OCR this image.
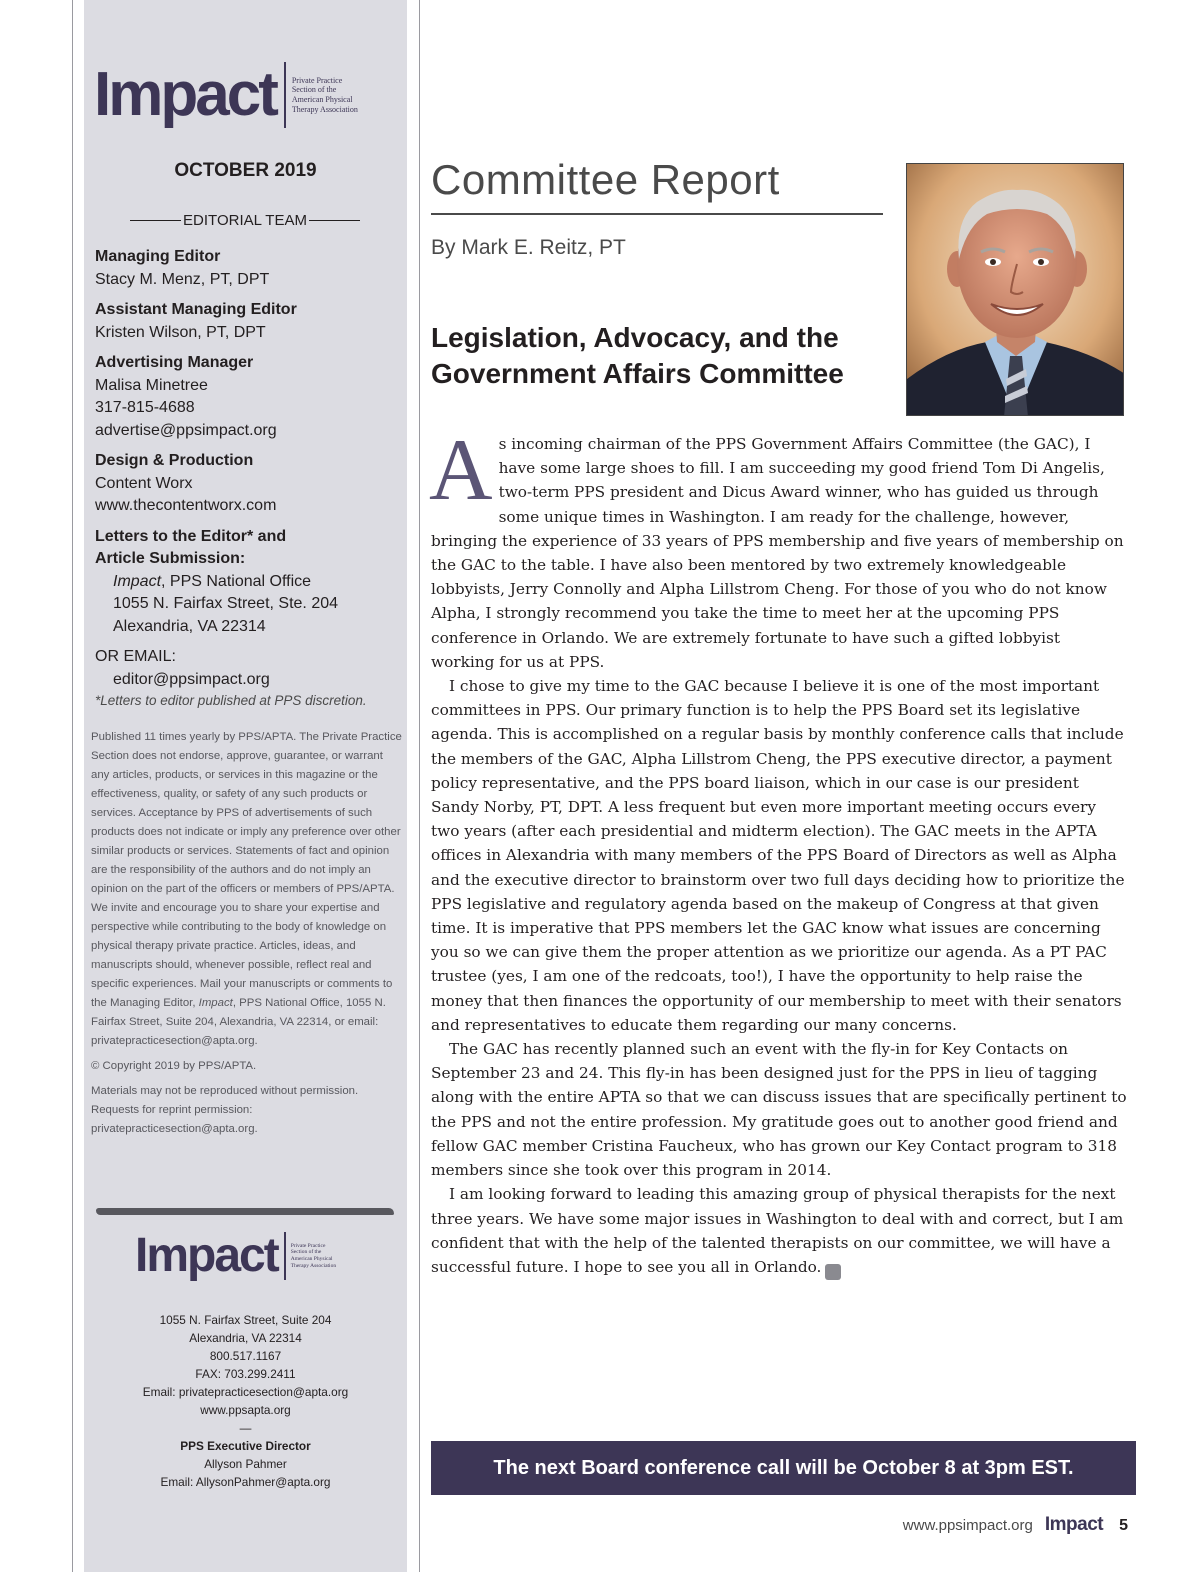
Impact Private Practice
Section of the
American Physical
Therapy Association
OCTOBER 2019
EDITORIAL TEAM
Managing Editor
Stacy M. Menz, PT, DPT
Assistant Managing Editor
Kristen Wilson, PT, DPT
Advertising Manager
Malisa Minetree
317-815-4688
advertise@ppsimpact.org
Design & Production
Content Worx
www.thecontentworx.com
Letters to the Editor* and
Article Submission:
Impact, PPS National Office
1055 N. Fairfax Street, Ste. 204
Alexandria, VA 22314
OR EMAIL:
editor@ppsimpact.org
*Letters to editor published at PPS discretion.

Published 11 times yearly by PPS/APTA. The Private Practice Section does not endorse, approve, guarantee, or warrant any articles, products, or services in this magazine or the effectiveness, quality, or safety of any such products or services. Acceptance by PPS of advertisements of such products does not indicate or imply any preference over other similar products or services. Statements of fact and opinion are the responsibility of the authors and do not imply an opinion on the part of the officers or members of PPS/APTA. We invite and encourage you to share your expertise and perspective while contributing to the body of knowledge on physical therapy private practice. Articles, ideas, and manuscripts should, whenever possible, reflect real and specific experiences. Mail your manuscripts or comments to the Managing Editor, Impact, PPS National Office, 1055 N. Fairfax Street, Suite 204, Alexandria, VA 22314, or email: privatepracticesection@apta.org.

© Copyright 2019 by PPS/APTA.

Materials may not be reproduced without permission. Requests for reprint permission: privatepracticesection@apta.org.

Impact Private Practice
Section of the
American Physical
Therapy Association
1055 N. Fairfax Street, Suite 204
Alexandria, VA 22314
800.517.1167
FAX: 703.299.2411
Email: privatepracticesection@apta.org
www.ppsapta.org
—
PPS Executive Director
Allyson Pahmer
Email: AllysonPahmer@apta.org
Committee Report
By Mark E. Reitz, PT
Legislation, Advocacy, and the Government Affairs Committee

As incoming chairman of the PPS Government Affairs Committee (the GAC), I have some large shoes to fill. I am succeeding my good friend Tom Di Angelis, two-term PPS president and Dicus Award winner, who has guided us through some unique times in Washington. I am ready for the challenge, however, bringing the experience of 33 years of PPS membership and five years of membership on the GAC to the table. I have also been mentored by two extremely knowledgeable lobbyists, Jerry Connolly and Alpha Lillstrom Cheng. For those of you who do not know Alpha, I strongly recommend you take the time to meet her at the upcoming PPS conference in Orlando. We are extremely fortunate to have such a gifted lobbyist working for us at PPS.

I chose to give my time to the GAC because I believe it is one of the most important committees in PPS. Our primary function is to help the PPS Board set its legislative agenda. This is accomplished on a regular basis by monthly conference calls that include the members of the GAC, Alpha Lillstrom Cheng, the PPS executive director, a payment policy representative, and the PPS board liaison, which in our case is our president Sandy Norby, PT, DPT. A less frequent but even more important meeting occurs every two years (after each presidential and midterm election). The GAC meets in the APTA offices in Alexandria with many members of the PPS Board of Directors as well as Alpha and the executive director to brainstorm over two full days deciding how to prioritize the PPS legislative and regulatory agenda based on the makeup of Congress at that given time. It is imperative that PPS members let the GAC know what issues are concerning you so we can give them the proper attention as we prioritize our agenda. As a PT PAC trustee (yes, I am one of the redcoats, too!), I have the opportunity to help raise the money that then finances the opportunity of our membership to meet with their senators and representatives to educate them regarding our many concerns.

The GAC has recently planned such an event with the fly-in for Key Contacts on September 23 and 24. This fly-in has been designed just for the PPS in lieu of tagging along with the entire APTA so that we can discuss issues that are specifically pertinent to the PPS and not the entire profession. My gratitude goes out to another good friend and fellow GAC member Cristina Faucheux, who has grown our Key Contact program to 318 members since she took over this program in 2014.

I am looking forward to leading this amazing group of physical therapists for the next three years. We have some major issues in Washington to deal with and correct, but I am confident that with the help of the talented therapists on our committee, we will have a successful future. I hope to see you all in Orlando. I

The next Board conference call will be October 8 at 3pm EST.
www.ppsimpact.org Impact 5
